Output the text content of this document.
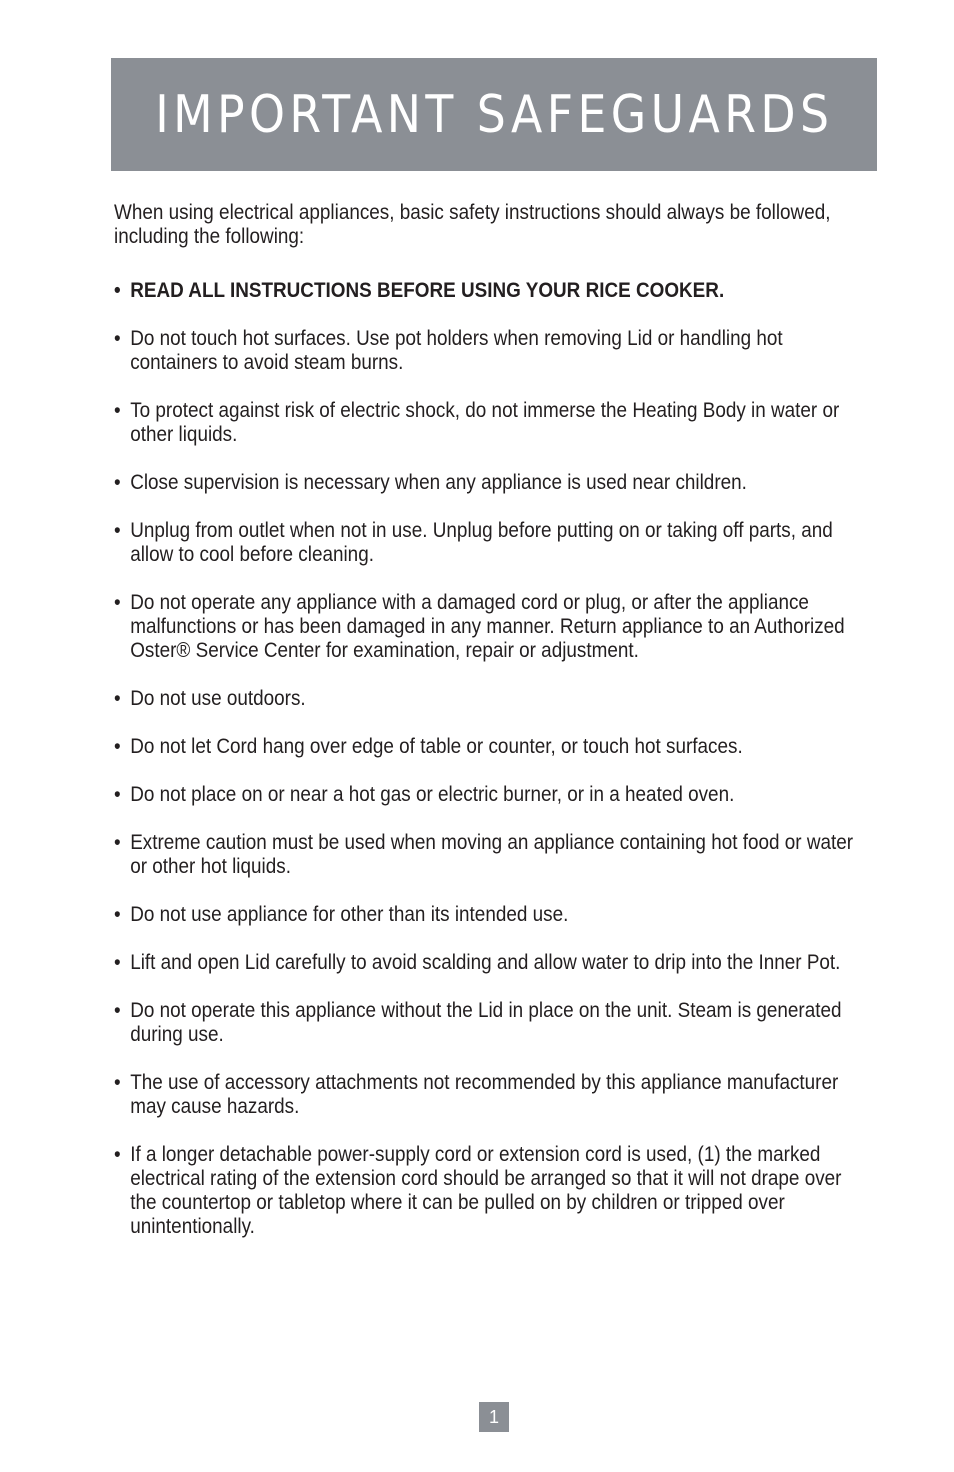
IMPORTANT SAFEGUARDS
When using electrical appliances, basic safety instructions should always be followed,
including the following:
• READ ALL INSTRUCTIONS BEFORE USING YOUR RICE COOKER.
• Do not touch hot surfaces. Use pot holders when removing Lid or handling hot
containers to avoid steam burns.
• To protect against risk of electric shock, do not immerse the Heating Body in water or
other liquids.
• Close supervision is necessary when any appliance is used near children.
• Unplug from outlet when not in use. Unplug before putting on or taking off parts, and
allow to cool before cleaning.
• Do not operate any appliance with a damaged cord or plug, or after the appliance
malfunctions or has been damaged in any manner. Return appliance to an Authorized
Oster® Service Center for examination, repair or adjustment.
• Do not use outdoors.
• Do not let Cord hang over edge of table or counter, or touch hot surfaces.
• Do not place on or near a hot gas or electric burner, or in a heated oven.
• Extreme caution must be used when moving an appliance containing hot food or water
or other hot liquids.
• Do not use appliance for other than its intended use.
• Lift and open Lid carefully to avoid scalding and allow water to drip into the Inner Pot.
• Do not operate this appliance without the Lid in place on the unit. Steam is generated
during use.
• The use of accessory attachments not recommended by this appliance manufacturer
may cause hazards.
• If a longer detachable power-supply cord or extension cord is used, (1) the marked
electrical rating of the extension cord should be arranged so that it will not drape over
the countertop or tabletop where it can be pulled on by children or tripped over
unintentionally.
1
